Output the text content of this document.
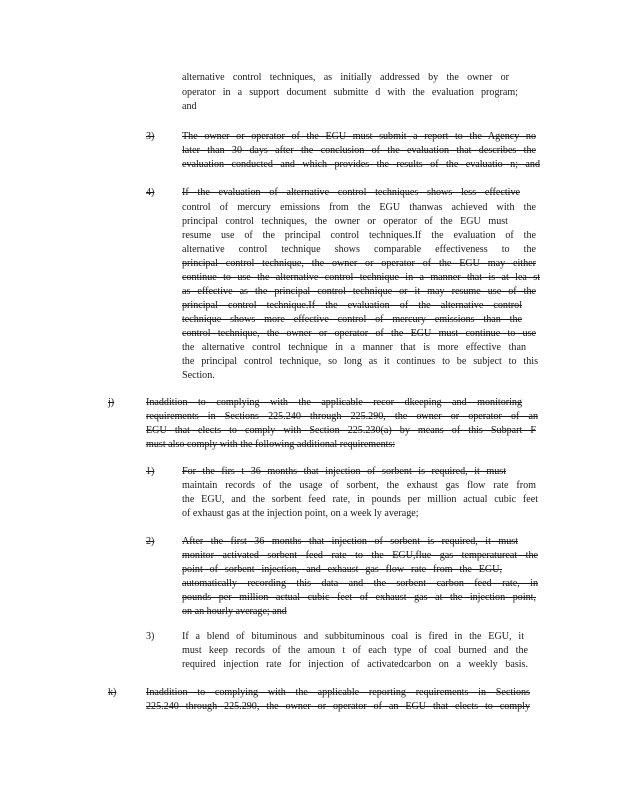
alternative control techniques, as initially addressed by the owner or
operator in a support document submitte d with the evaluation program;
and
3)	The owner or operator of the EGU must submit a report to the Agency no
later than 30 days after the conclusion of the evaluation that describes the
evaluation conducted and which provides the results of the evaluatio n; and
4)	If the evaluation of alternative control techniques shows less effective
control of mercury emissions from the EGU thanwas achieved with the
principal control techniques, the owner or operator of the EGU must
resume use of the principal control techniques.If the evaluation of the
alternative control technique shows comparable effectiveness to the
principal control technique, the owner or operator of the EGU may either
continue to use the alternative control technique in a manner that is at lea st
as effective as the principal control technique or it may resume use of the
principal control technique.If the evaluation of the alternative control
technique shows more effective control of mercury emissions than the
control technique, the owner or operator of the EGU must continue to use
the alternative control technique in a manner that is more effective than
the principal control technique, so long as it continues to be subject to this
Section.
j)	Inaddition to complying with the applicable recor dkeeping and monitoring
requirements in Sections 225.240 through 225.290, the owner or operator of an
EGU that elects to comply with Section 225.230(a) by means of this Subpart F
must also comply with the following additional requirements:
1)	For the firs t 36 months that injection of sorbent is required, it must
maintain records of the usage of sorbent, the exhaust gas flow rate from
the EGU, and the sorbent feed rate, in pounds per million actual cubic feet
of exhaust gas at the injection point, on a week ly average;
2)	After the first 36 months that injection of sorbent is required, it must
monitor activated sorbent feed rate to the EGU,flue gas temperatureat the
point of sorbent injection, and exhaust gas flow rate from the EGU,
automatically recording this data and the sorbent carbon feed rate, in
pounds per million actual cubic feet of exhaust gas at the injection point,
on an hourly average; and
3)	If a blend of bituminous and subbituminous coal is fired in the EGU, it
must keep records of the amoun t of each type of coal burned and the
required injection rate for injection of activatedcarbon on a weekly basis.
k)	Inaddition to complying with the applicable reporting requirements in Sections
225.240 through 225.290, the owner or operator of an EGU that elects to comply
